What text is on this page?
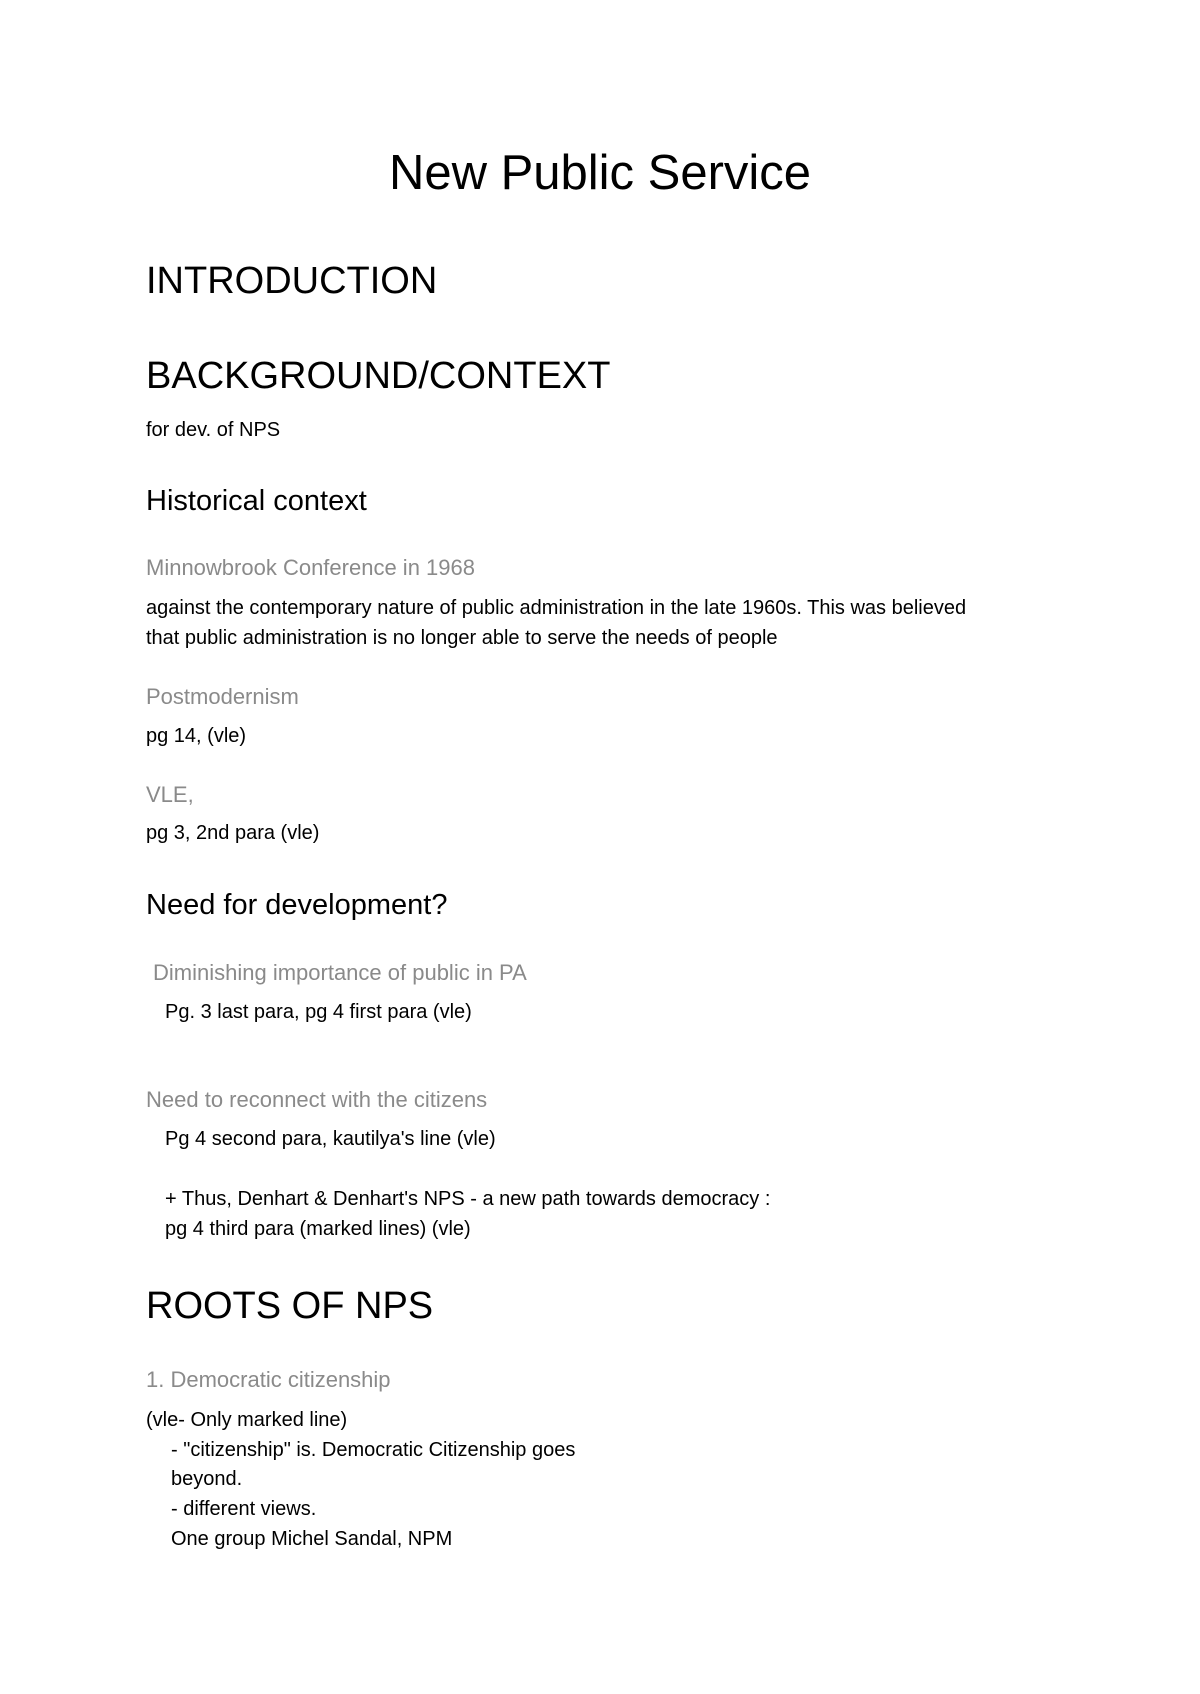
New Public Service
INTRODUCTION
BACKGROUND/CONTEXT
for dev. of NPS
Historical context
Minnowbrook Conference in 1968
against the contemporary nature of public administration in the late 1960s. This was believed
that public administration is no longer able to serve the needs of people
Postmodernism
pg 14, (vle)
VLE,
pg 3, 2nd para (vle)
Need for development?
Diminishing importance of public in PA
Pg. 3 last para, pg 4 first para (vle)
Need to reconnect with the citizens
Pg 4 second para, kautilya's line (vle)
+ Thus, Denhart & Denhart's NPS - a new path towards democracy :
pg 4 third para (marked lines) (vle)
ROOTS OF NPS
1. Democratic citizenship
(vle- Only marked line)
- "citizenship" is. Democratic Citizenship goes
beyond.
- different views.
One group Michel Sandal, NPM
